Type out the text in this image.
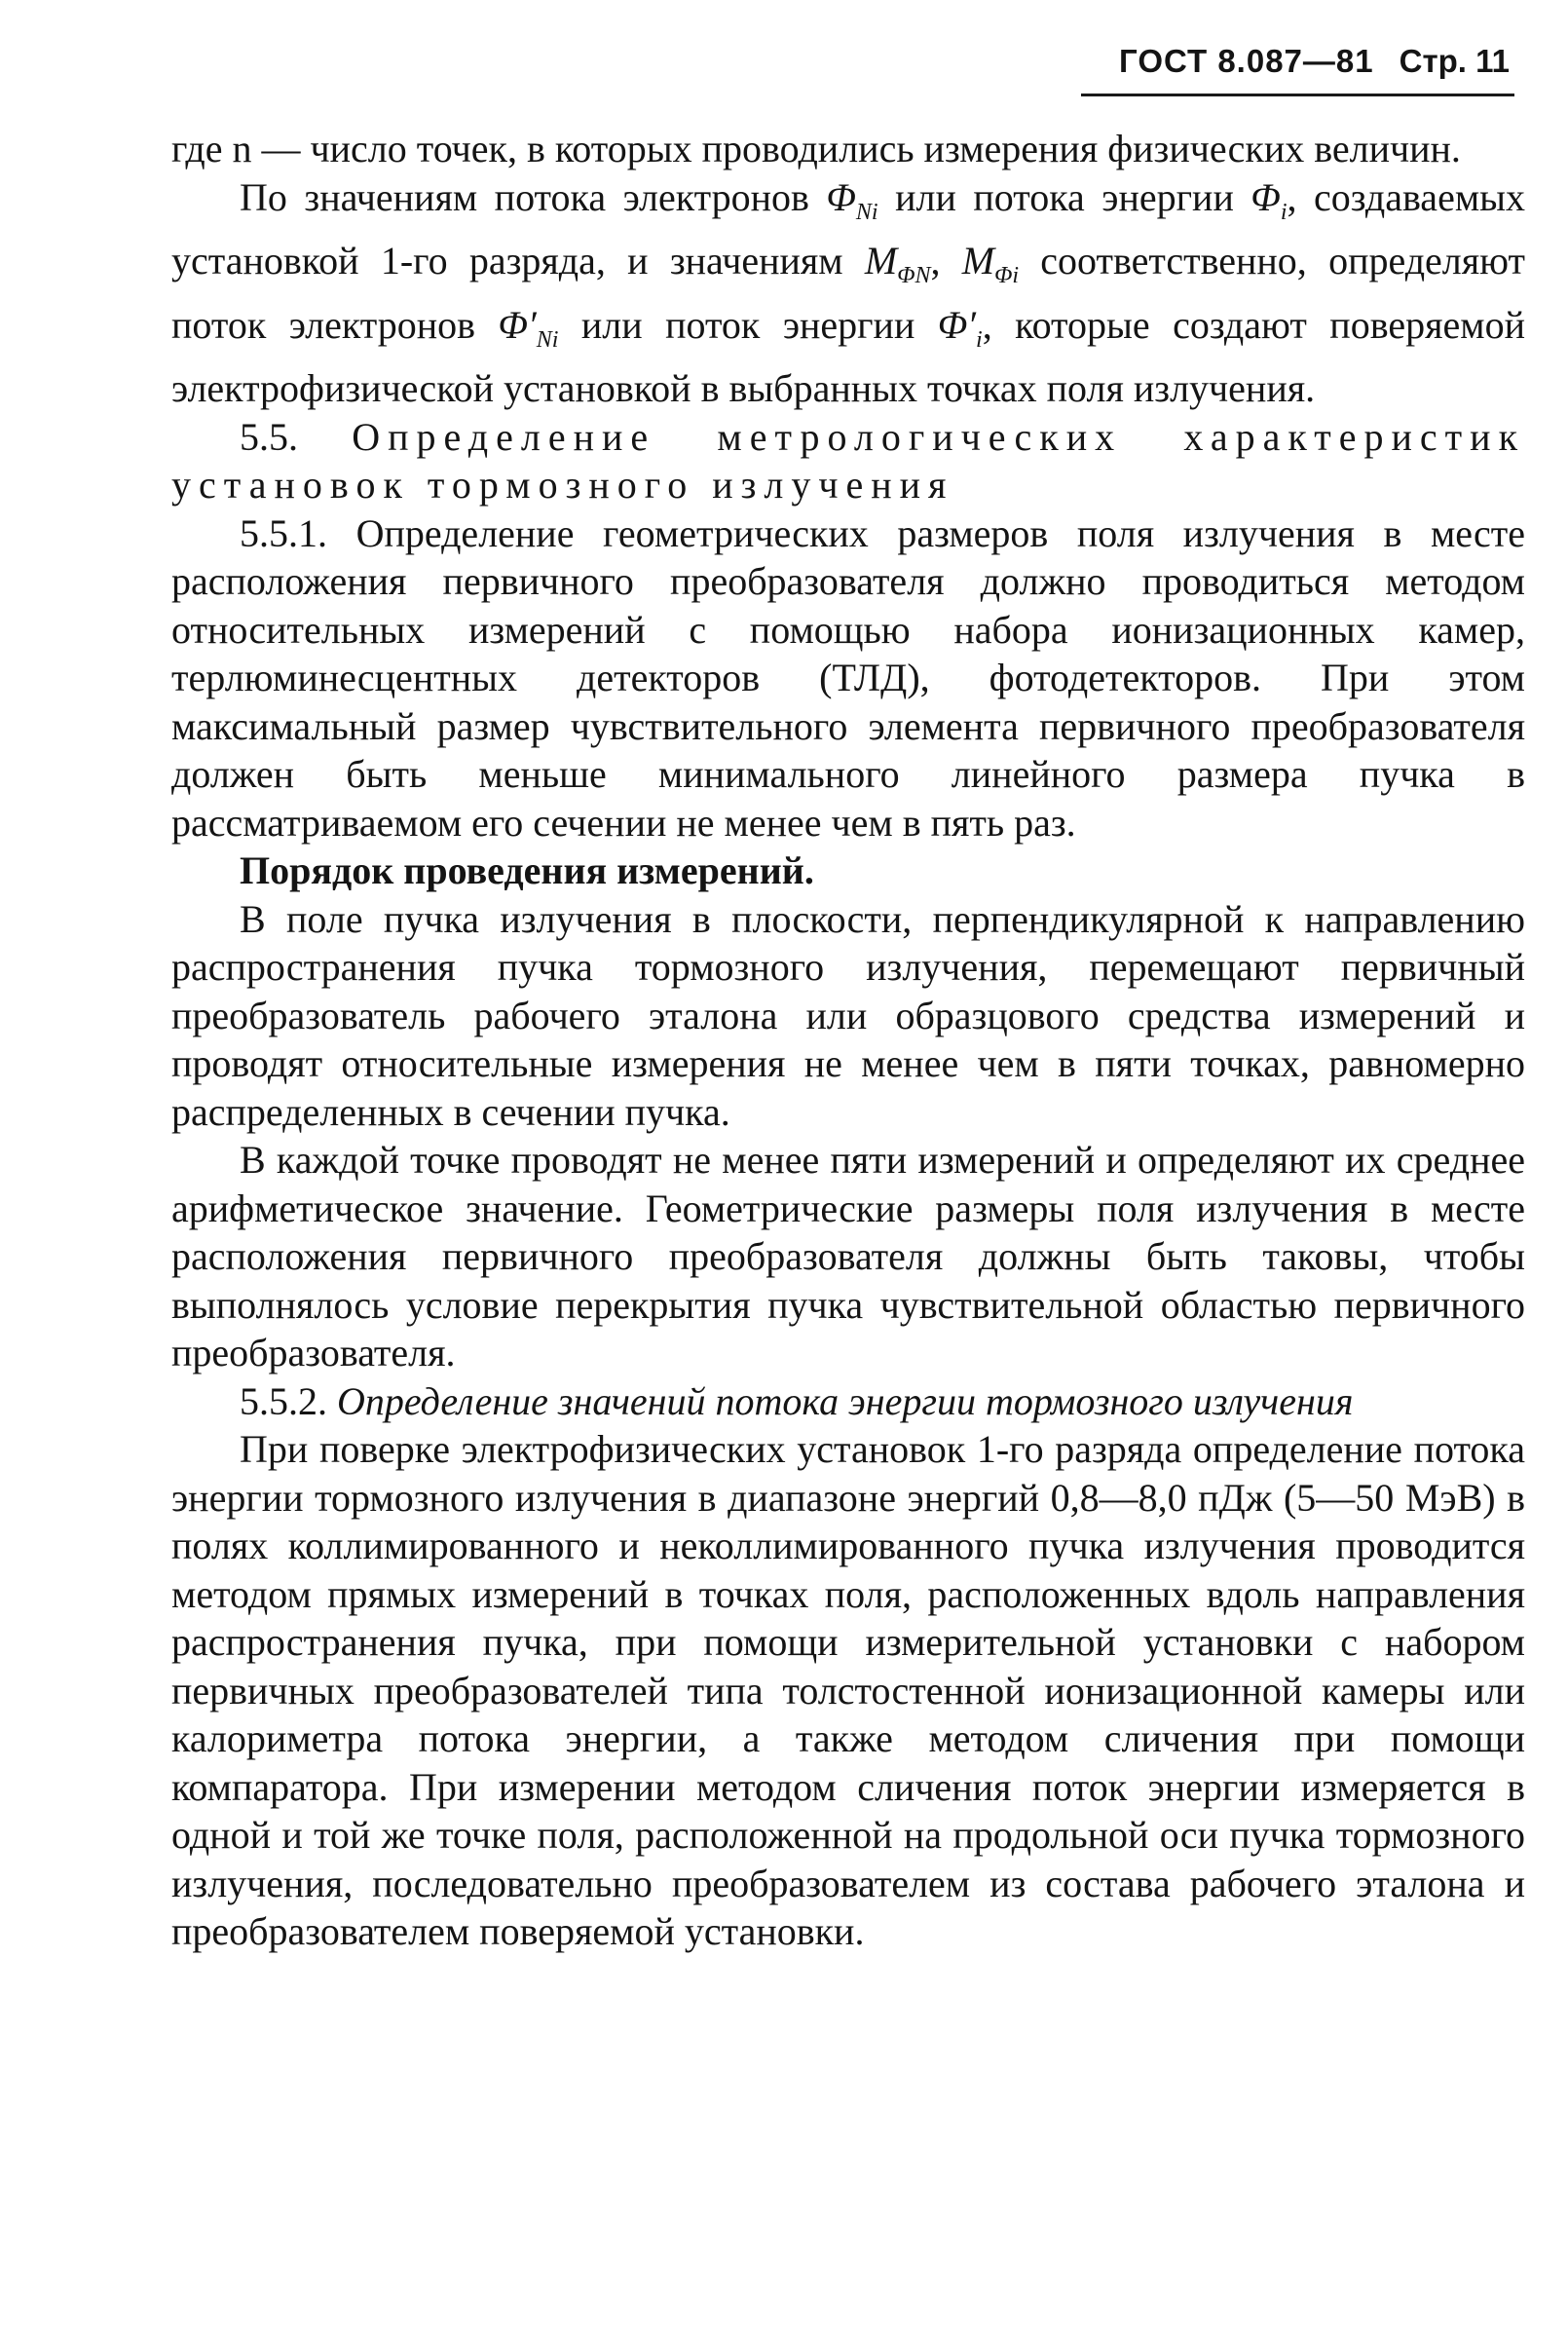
ГОСТ 8.087—81 Стр. 11

где n — число точек, в которых проводились измерения физических величин.

По значениям потока электронов $\Phi_{Ni}$ или потока энергии $\Phi_i$, создаваемых установкой 1-го разряда, и значениям $M_{\Phi N}$, $M_{\Phi i}$ соответственно, определяют поток электронов $\Phi'_{Ni}$ или поток энергии $\Phi'_i$, которые создают поверяемой электрофизической установкой в выбранных точках поля излучения.

5.5. Определение метрологических характеристик установок тормозного излучения

5.5.1. Определение геометрических размеров поля излучения в месте расположения первичного преобразователя должно проводиться методом относительных измерений с помощью набора ионизационных камер, терлюминесцентных детекторов (ТЛД), фотодетекторов. При этом максимальный размер чувствительного элемента первичного преобразователя должен быть меньше минимального линейного размера пучка в рассматриваемом его сечении не менее чем в пять раз.

Порядок проведения измерений.

В поле пучка излучения в плоскости, перпендикулярной к направлению распространения пучка тормозного излучения, перемещают первичный преобразователь рабочего эталона или образцового средства измерений и проводят относительные измерения не менее чем в пяти точках, равномерно распределенных в сечении пучка.

В каждой точке проводят не менее пяти измерений и определяют их среднее арифметическое значение. Геометрические размеры поля излучения в месте расположения первичного преобразователя должны быть таковы, чтобы выполнялось условие перекрытия пучка чувствительной областью первичного преобразователя.

5.5.2. Определение значений потока энергии тормозного излучения

При поверке электрофизических установок 1-го разряда определение потока энергии тормозного излучения в диапазоне энергий 0,8—8,0 пДж (5—50 МэВ) в полях коллимированного и неколлимированного пучка излучения проводится методом прямых измерений в точках поля, расположенных вдоль направления распространения пучка, при помощи измерительной установки с набором первичных преобразователей типа толстостенной ионизационной камеры или калориметра потока энергии, а также методом сличения при помощи компаратора. При измерении методом сличения поток энергии измеряется в одной и той же точке поля, расположенной на продольной оси пучка тормозного излучения, последовательно преобразователем из состава рабочего эталона и преобразователем поверяемой установки.
